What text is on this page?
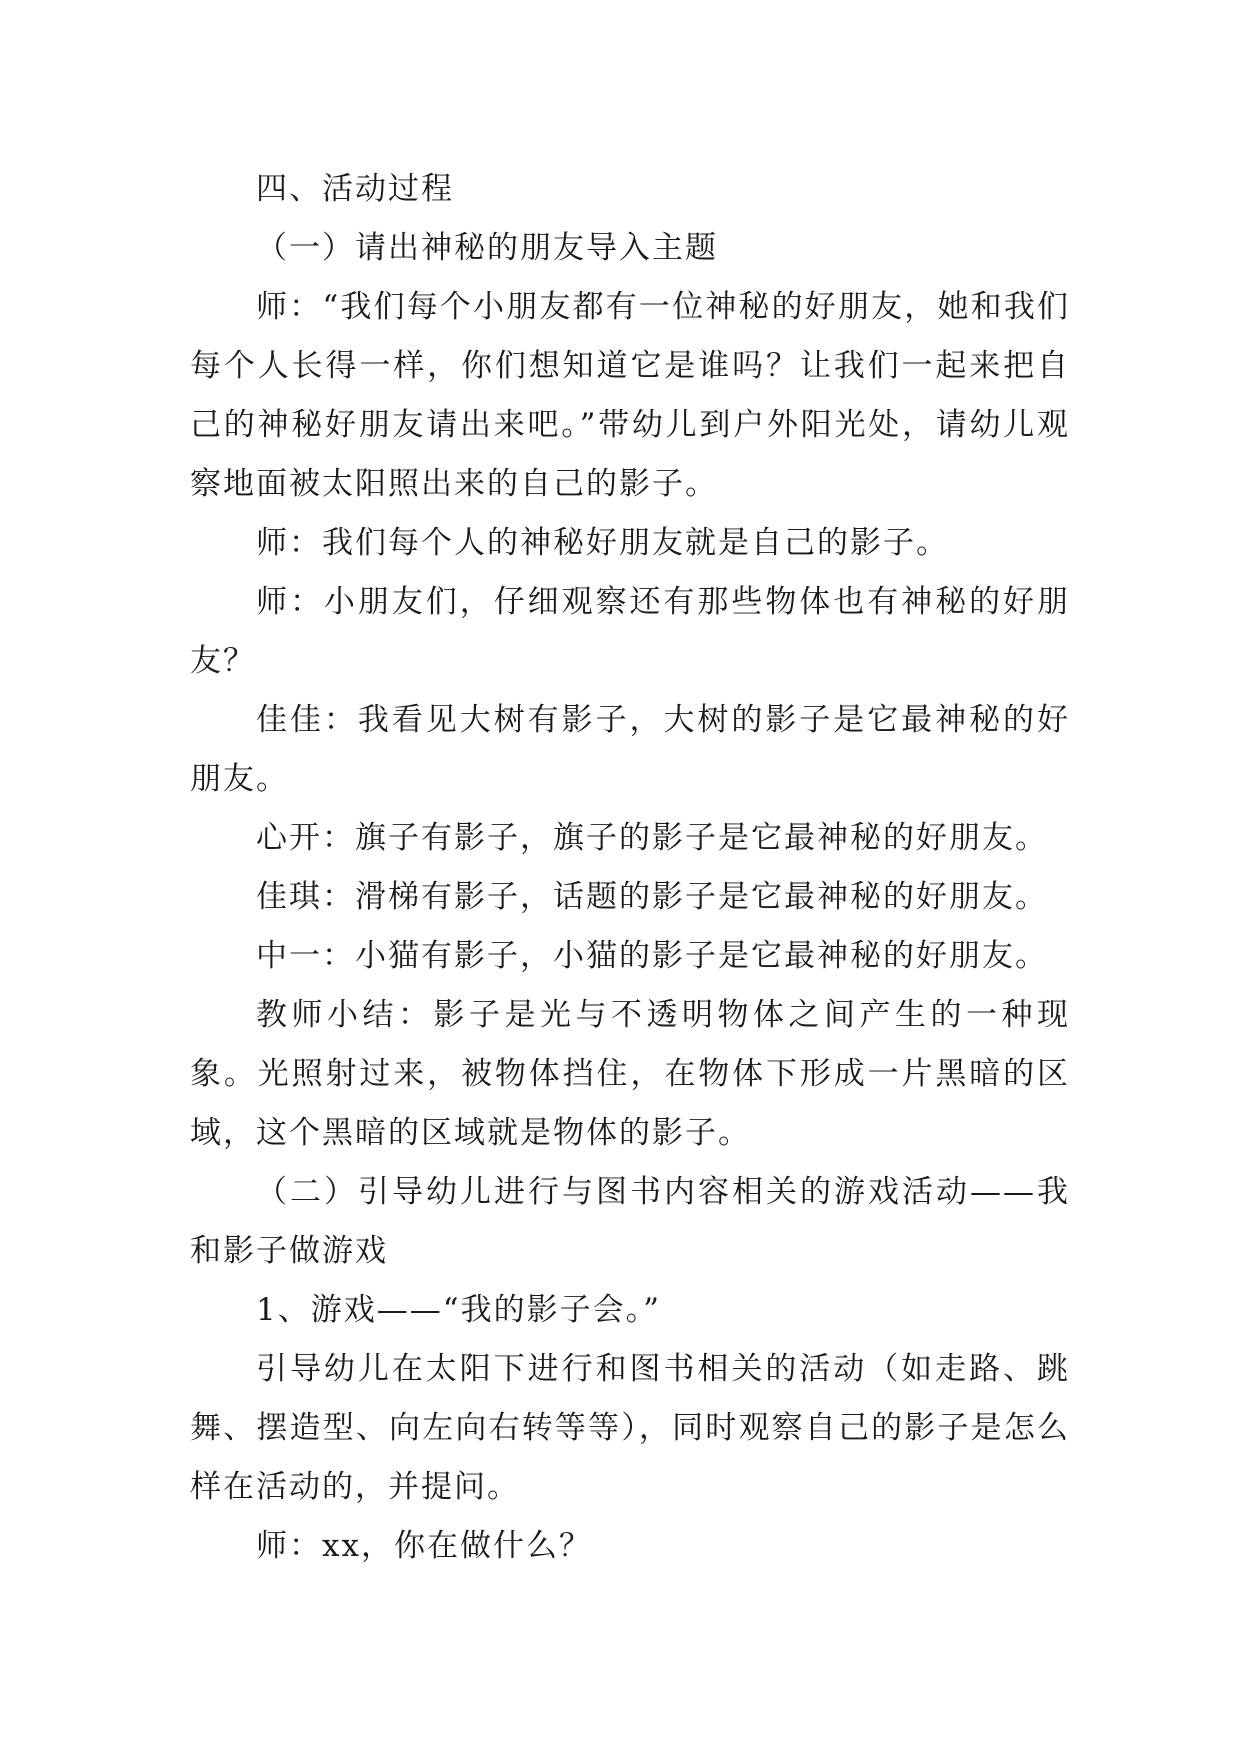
四、活动过程

（一）请出神秘的朋友导入主题

师：“我们每个小朋友都有一位神秘的好朋友，她和我们每个人长得一样，你们想知道它是谁吗？让我们一起来把自己的神秘好朋友请出来吧。”带幼儿到户外阳光处，请幼儿观察地面被太阳照出来的自己的影子。

师：我们每个人的神秘好朋友就是自己的影子。

师：小朋友们，仔细观察还有那些物体也有神秘的好朋友？

佳佳：我看见大树有影子，大树的影子是它最神秘的好朋友。

心开：旗子有影子，旗子的影子是它最神秘的好朋友。

佳琪：滑梯有影子，话题的影子是它最神秘的好朋友。

中一：小猫有影子，小猫的影子是它最神秘的好朋友。

教师小结：影子是光与不透明物体之间产生的一种现象。光照射过来，被物体挡住，在物体下形成一片黑暗的区域，这个黑暗的区域就是物体的影子。

（二）引导幼儿进行与图书内容相关的游戏活动——我和影子做游戏

1、游戏——“我的影子会。”

引导幼儿在太阳下进行和图书相关的活动（如走路、跳舞、摆造型、向左向右转等等），同时观察自己的影子是怎么样在活动的，并提问。

师：xx，你在做什么？
